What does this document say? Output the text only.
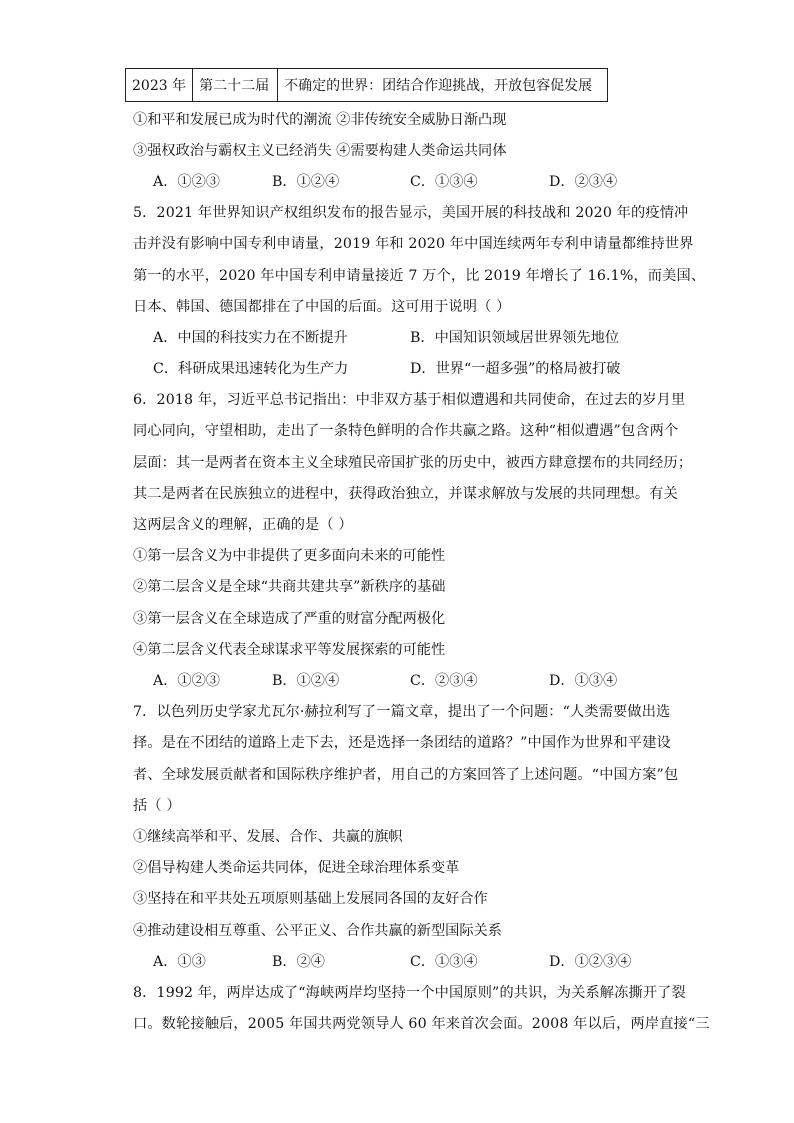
2023 年	第二十二届	不确定的世界：团结合作迎挑战，开放包容促发展
①和平和发展已成为时代的潮流 ②非传统安全威胁日渐凸现
③强权政治与霸权主义已经消失 ④需要构建人类命运共同体
A．①②③	B．①②④	C．①③④	D．②③④
5．2021 年世界知识产权组织发布的报告显示，美国开展的科技战和 2020 年的疫情冲
击并没有影响中国专利申请量，2019 年和 2020 年中国连续两年专利申请量都维持世界
第一的水平，2020 年中国专利申请量接近 7 万个，比 2019 年增长了 16.1%，而美国、
日本、韩国、德国都排在了中国的后面。这可用于说明（ ）
A．中国的科技实力在不断提升	B．中国知识领域居世界领先地位
C．科研成果迅速转化为生产力	D．世界“一超多强”的格局被打破
6．2018 年，习近平总书记指出：中非双方基于相似遭遇和共同使命，在过去的岁月里
同心同向，守望相助，走出了一条特色鲜明的合作共赢之路。这种“相似遭遇”包含两个
层面：其一是两者在资本主义全球殖民帝国扩张的历史中，被西方肆意摆布的共同经历；
其二是两者在民族独立的进程中，获得政治独立，并谋求解放与发展的共同理想。有关
这两层含义的理解，正确的是（ ）
①第一层含义为中非提供了更多面向未来的可能性
②第二层含义是全球“共商共建共享”新秩序的基础
③第一层含义在全球造成了严重的财富分配两极化
④第二层含义代表全球谋求平等发展探索的可能性
A．①②③	B．①②④	C．②③④	D．①③④
7．以色列历史学家尤瓦尔·赫拉利写了一篇文章，提出了一个问题：“人类需要做出选
择。是在不团结的道路上走下去，还是选择一条团结的道路？”中国作为世界和平建设
者、全球发展贡献者和国际秩序维护者，用自己的方案回答了上述问题。“中国方案”包
括（ ）
①继续高举和平、发展、合作、共赢的旗帜
②倡导构建人类命运共同体，促进全球治理体系变革
③坚持在和平共处五项原则基础上发展同各国的友好合作
④推动建设相互尊重、公平正义、合作共赢的新型国际关系
A．①③	B．②④	C．①③④	D．①②③④
8．1992 年，两岸达成了“海峡两岸均坚持一个中国原则”的共识，为关系解冻撕开了裂
口。数轮接触后，2005 年国共两党领导人 60 年来首次会面。2008 年以后，两岸直接“三
